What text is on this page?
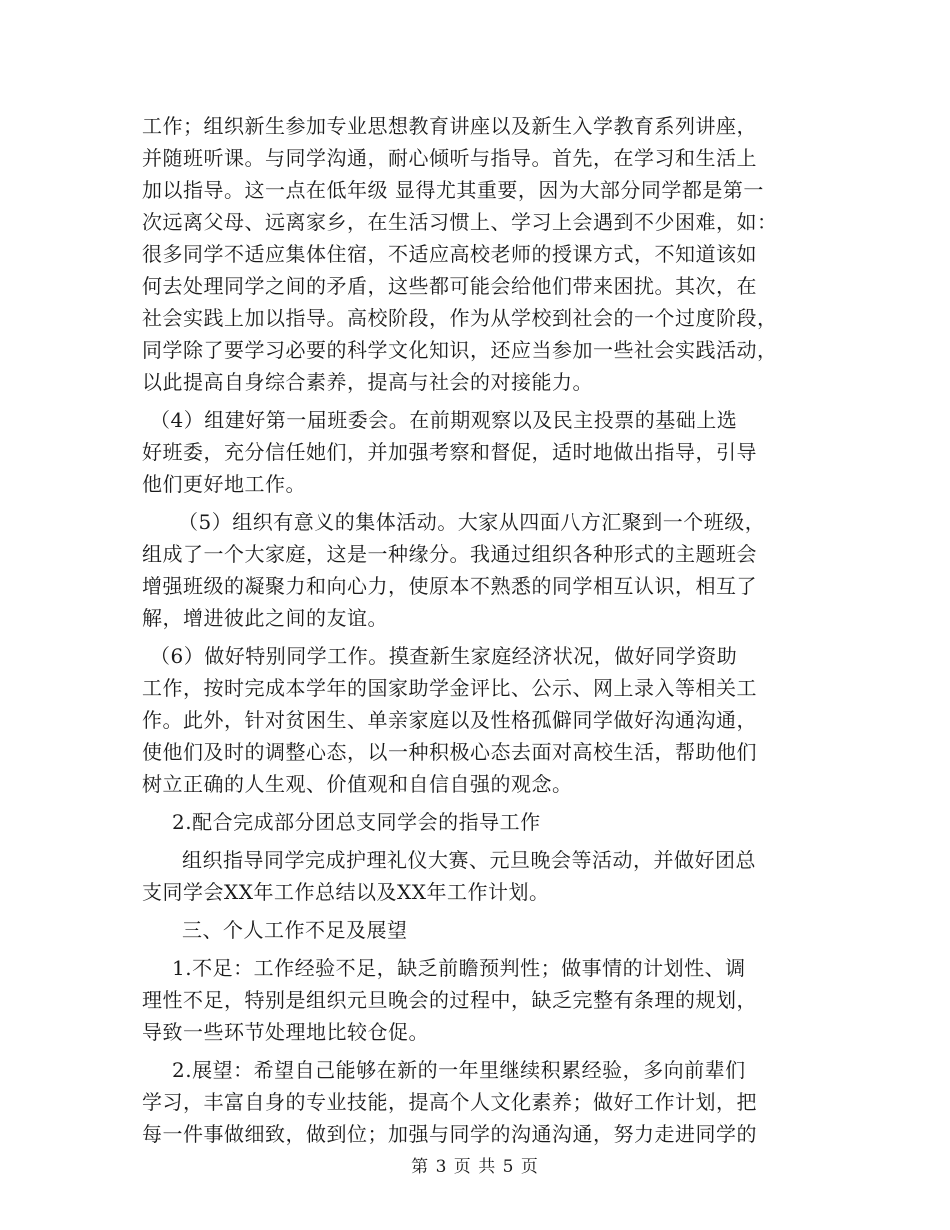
工作；组织新生参加专业思想教育讲座以及新生入学教育系列讲座，
并随班听课。与同学沟通，耐心倾听与指导。首先，在学习和生活上
加以指导。这一点在低年级 显得尤其重要，因为大部分同学都是第一
次远离父母、远离家乡，在生活习惯上、学习上会遇到不少困难，如：
很多同学不适应集体住宿，不适应高校老师的授课方式，不知道该如
何去处理同学之间的矛盾，这些都可能会给他们带来困扰。其次，在
社会实践上加以指导。高校阶段，作为从学校到社会的一个过度阶段，
同学除了要学习必要的科学文化知识，还应当参加一些社会实践活动，
以此提高自身综合素养，提高与社会的对接能力。
（4）组建好第一届班委会。在前期观察以及民主投票的基础上选
好班委，充分信任她们，并加强考察和督促，适时地做出指导，引导
他们更好地工作。
（5）组织有意义的集体活动。大家从四面八方汇聚到一个班级，
组成了一个大家庭，这是一种缘分。我通过组织各种形式的主题班会
增强班级的凝聚力和向心力，使原本不熟悉的同学相互认识，相互了
解，增进彼此之间的友谊。
（6）做好特别同学工作。摸查新生家庭经济状况，做好同学资助
工作，按时完成本学年的国家助学金评比、公示、网上录入等相关工
作。此外，针对贫困生、单亲家庭以及性格孤僻同学做好沟通沟通，
使他们及时的调整心态，以一种积极心态去面对高校生活，帮助他们
树立正确的人生观、价值观和自信自强的观念。
2.配合完成部分团总支同学会的指导工作
组织指导同学完成护理礼仪大赛、元旦晚会等活动，并做好团总
支同学会XX年工作总结以及XX年工作计划。
三、个人工作不足及展望
1.不足：工作经验不足，缺乏前瞻预判性；做事情的计划性、调
理性不足，特别是组织元旦晚会的过程中，缺乏完整有条理的规划，
导致一些环节处理地比较仓促。
2.展望：希望自己能够在新的一年里继续积累经验，多向前辈们
学习，丰富自身的专业技能，提高个人文化素养；做好工作计划，把
每一件事做细致，做到位；加强与同学的沟通沟通，努力走进同学的
第 3 页 共 5 页
